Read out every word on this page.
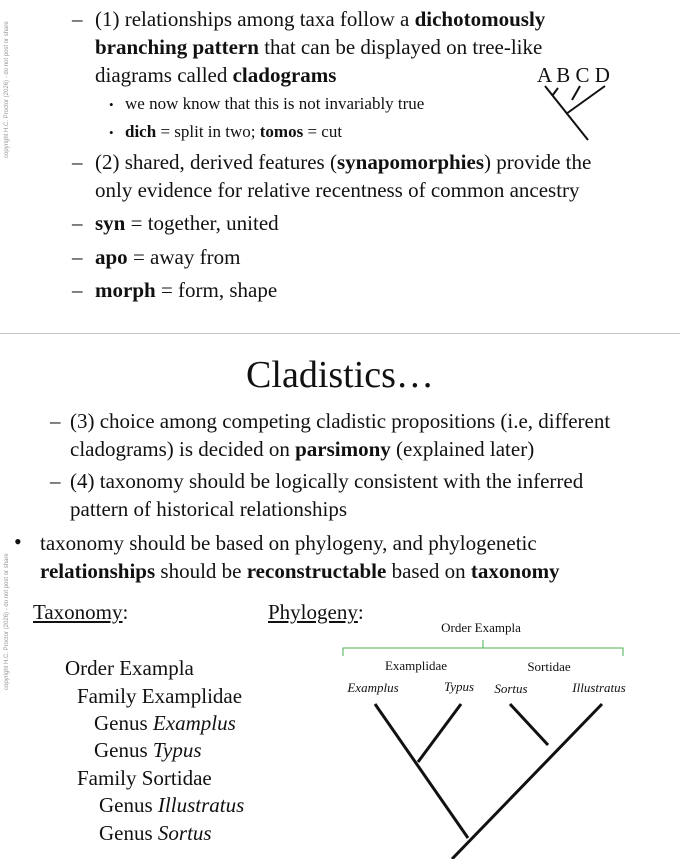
copyright H.C. Proctor (2026) - do not post or share
copyright H.C. Proctor (2026) - do not post or share
– (1) relationships among taxa follow a dichotomously
branching pattern that can be displayed on tree-like
diagrams called cladograms
• we now know that this is not invariably true
• dich = split in two; tomos = cut
A B C D
– (2) shared, derived features (synapomorphies) provide the
only evidence for relative recentness of common ancestry
– syn = together, united
– apo = away from
– morph = form, shape
Cladistics…
– (3) choice among competing cladistic propositions (i.e, different
cladograms) is decided on parsimony (explained later)
– (4) taxonomy should be logically consistent with the inferred
pattern of historical relationships
• taxonomy should be based on phylogeny, and phylogenetic
relationships should be reconstructable based on taxonomy
Taxonomy:	Phylogeny:
Order Exampla
Family Examplidae
Genus Examplus
Genus Typus
Family Sortidae
Genus Illustratus
Genus Sortus
Order Exampla
Examplidae	Sortidae
Examplus	Typus Sortus	Illustratus
